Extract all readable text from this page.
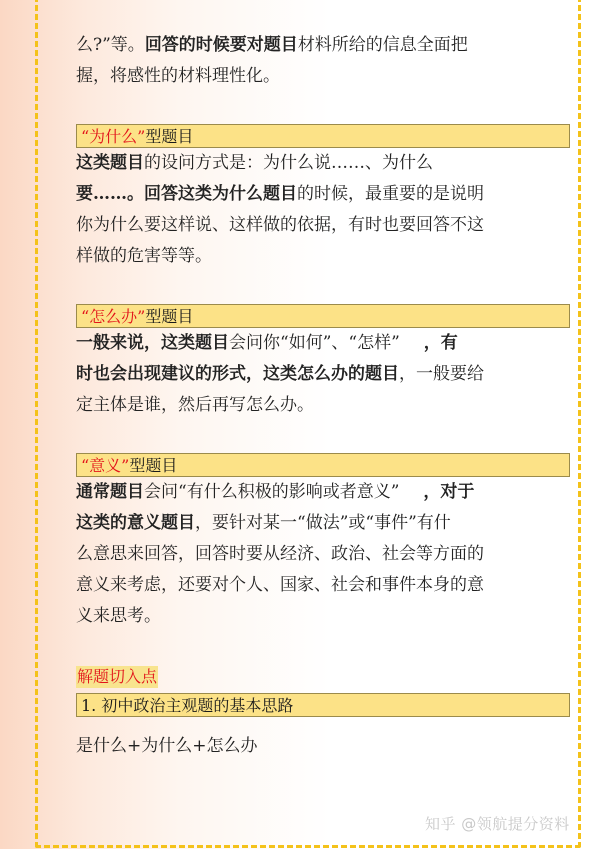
么?”等。回答的时候要对题目材料所给的信息全面把

握，将感性的材料理性化。

“为什么”型题目

这类题目的设问方式是：为什么说……、为什么

要……。回答这类为什么题目的时候，最重要的是说明

你为什么要这样说、这样做的依据，有时也要回答不这

样做的危害等等。

“怎么办”型题目

一般来说，这类题目会问你“如何”、“怎样” ，有

时也会出现建议的形式，这类怎么办的题目，一般要给

定主体是谁，然后再写怎么办。

“意义”型题目

通常题目会问“有什么积极的影响或者意义” ，对于

这类的意义题目，要针对某一“做法”或“事件”有什

么意思来回答，回答时要从经济、政治、社会等方面的

意义来考虑，还要对个人、国家、社会和事件本身的意

义来思考。

解题切入点
1. 初中政治主观题的基本思路

是什么+为什么+怎么办

知乎 @领航提分资料
